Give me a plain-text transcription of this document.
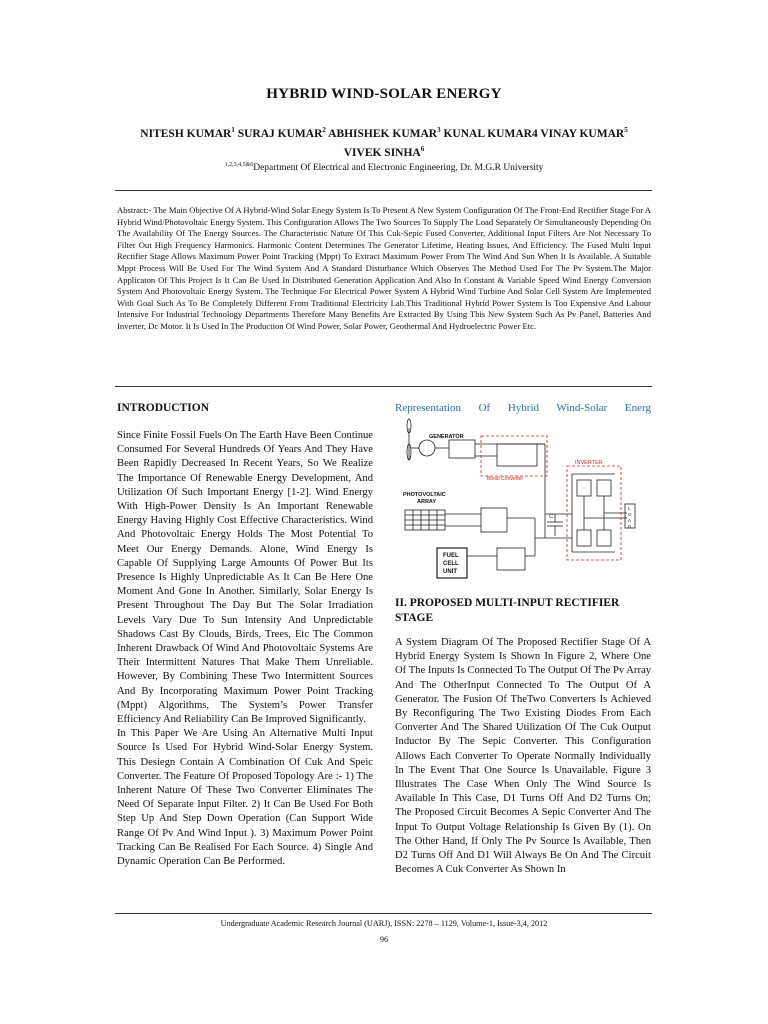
HYBRID WIND-SOLAR ENERGY
NITESH KUMAR$^1$ SURAJ KUMAR$^2$ ABHISHEK KUMAR$^3$ KUNAL KUMAR4 VINAY KUMAR$^5$
VIVEK SINHA$^6$
$^{1,2,3,4,5\&6}$Department Of Electrical and Electronic Engineering, Dr. M.G.R University
Abstract:- The Main Objective Of A Hybrid-Wind Solar Enegy System Is To Present A New System Configuration Of The Front-End Rectifier Stage For A Hybrid Wind/Photovoltaic Energy System. This Configuration Allows The Two Sources To Supply The Load Separately Or Simultaneously Depending On The Availability Of The Energy Sources. The Characteristic Nature Of This Cuk-Sepic Fused Converter, Additional Input Filters Are Not Necessary To Filter Out High Frequency Harmonics. Harmonic Content Determines The Generator Lifetime, Heating Issues, And Efficiency. The Fused Multi Input Rectifier Stage Allows Maximum Power Point Tracking (Mppt) To Extract Maximum Power From The Wind And Sun When It Is Available. A Suitable Mppt Process Will Be Used For The Wind System And A Standard Disturbance Which Observes The Method Used For The Pv System.The Major Applicaton Of This Project Is It Can Be Used In Distributed Generation Application And Also In Constant & Variable Speed Wind Energy Conversion System And Photovoltaic Energy System. The Technique For Electrical Power System A Hybrid Wind Turbine And Solar Cell System Are Implemented With Goal Such As To Be Completely Different From Traditional Electricity Lab.This Traditional Hybrid Power System Is Too Expensive And Labour Intensive For Industrial Technology Departments Therefore Many Benefits Are Extracted By Using This New System Such As Pv Panel, Batteries And Inverter, Dc Motor. It Is Used In The Production Of Wind Power, Solar Power, Geothermal And Hydroelectric Power Etc.
INTRODUCTION

Since Finite Fossil Fuels On The Earth Have Been Continue Consumed For Several Hundreds Of Years And They Have Been Rapidly Decreased In Recent Years, So We Realize The Importance Of Renewable Energy Development, And Utilization Of Such Important Energy [1-2]. Wind Energy With High-Power Density Is An Important Renewable Energy Having Highly Cost Effective Characteristics. Wind And Photovoltaic Energy Holds The Most Potential To Meet Our Energy Demands. Alone, Wind Energy Is Capable Of Supplying Large Amounts Of Power But Its Presence Is Highly Unpredictable As It Can Be Here One Moment And Gone In Another. Similarly, Solar Energy Is Present Throughout The Day But The Solar Irradiation Levels Vary Due To Sun Intensity And Unpredictable Shadows Cast By Clouds, Birds, Trees, Etc The Common Inherent Drawback Of Wind And Photovoltaic Systems Are Their Intermittent Natures That Make Them Unreliable. However, By Combining These Two Intermittent Sources And By Incorporating Maximum Power Point Tracking (Mppt) Algorithms, The System’s Power Transfer Efficiency And Reliability Can Be Improved Significantly.

In This Paper We Are Using An Alternative Multi Input Source Is Used For Hybrid Wind-Solar Energy System. This Desiegn Contain A Combination Of Cuk And Speic Converter. The Feature Of Proposed Topology Are :- 1) The Inherent Nature Of These Two Converter Eliminates The Need Of Separate Input Filter. 2) It Can Be Used For Both Step Up And Step Down Operation (Can Support Wide Range Of Pv And Wind Input ). 3) Maximum Power Point Tracking Can Be Realised For Each Source. 4) Single And Dynamic Operation Can Be Performed.

Representation Of Hybrid Wind-Solar Energ
GENERATOR
Boost Converter
INVERTER
PHOTOVOLTAIC
ARRAY
FUEL
CELL
UNIT
C
L
O
A
D
II. PROPOSED MULTI-INPUT RECTIFIER STAGE
A System Diagram Of The Proposed Rectifier Stage Of A Hybrid Energy System Is Shown In Figure 2, Where One Of The Inputs Is Connected To The Output Of The Pv Array And The OtherInput Connected To The Output Of A Generator. The Fusion Of TheTwo Converters Is Achieved By Reconfiguring The Two Existing Diodes From Each Converter And The Shared Utilization Of The Cuk Output Inductor By The Sepic Converter. This Configuration Allows Each Converter To Operate Normally Individually In The Event That One Source Is Unavailable. Figure 3 Illustrates The Case When Only The Wind Source Is Available In This Case, D1 Turns Off And D2 Turns On; The Proposed Circuit Becomes A Sepic Converter And The Input To Output Voltage Relationship Is Given By (1). On The Other Hand, If Only The Pv Source Is Available, Then D2 Turns Off And D1 Will Always Be On And The Circuit Becomes A Cuk Converter As Shown In
Undergraduate Academic Research Journal (UARJ), ISSN: 2278 – 1129, Volume-1, Issue-3,4, 2012
96
